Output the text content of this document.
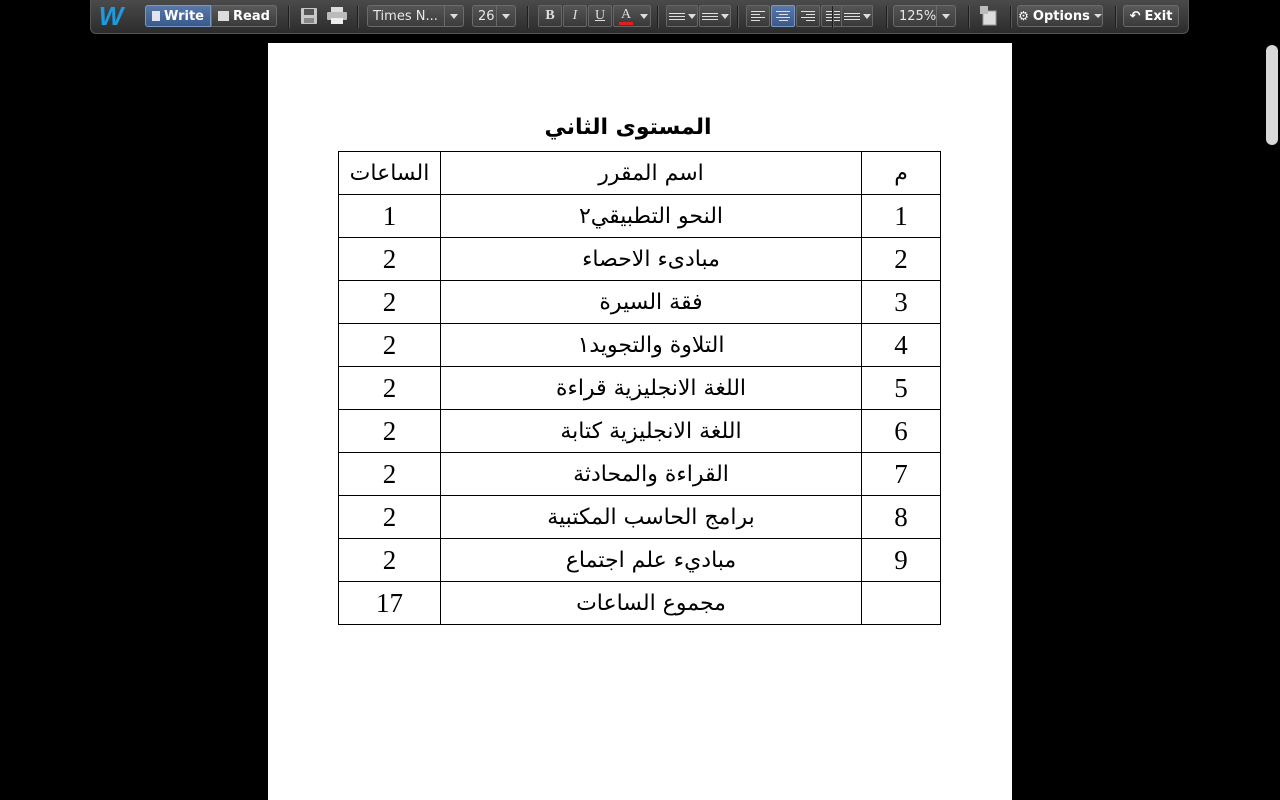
W	Write Read	Times N...	26	B I U A	125%	⚙ Options	↶ Exit
المستوى الثاني
الساعات	اسم المقرر	م
1	النحو التطبيقي٢	1
2	مبادىء الاحصاء	2
2	فقة السيرة	3
2	التلاوة والتجويد١	4
2	اللغة الانجليزية قراءة	5
2	اللغة الانجليزية كتابة	6
2	القراءة والمحادثة	7
2	برامج الحاسب المكتبية	8
2	مباديء علم اجتماع	9
17	مجموع الساعات	
